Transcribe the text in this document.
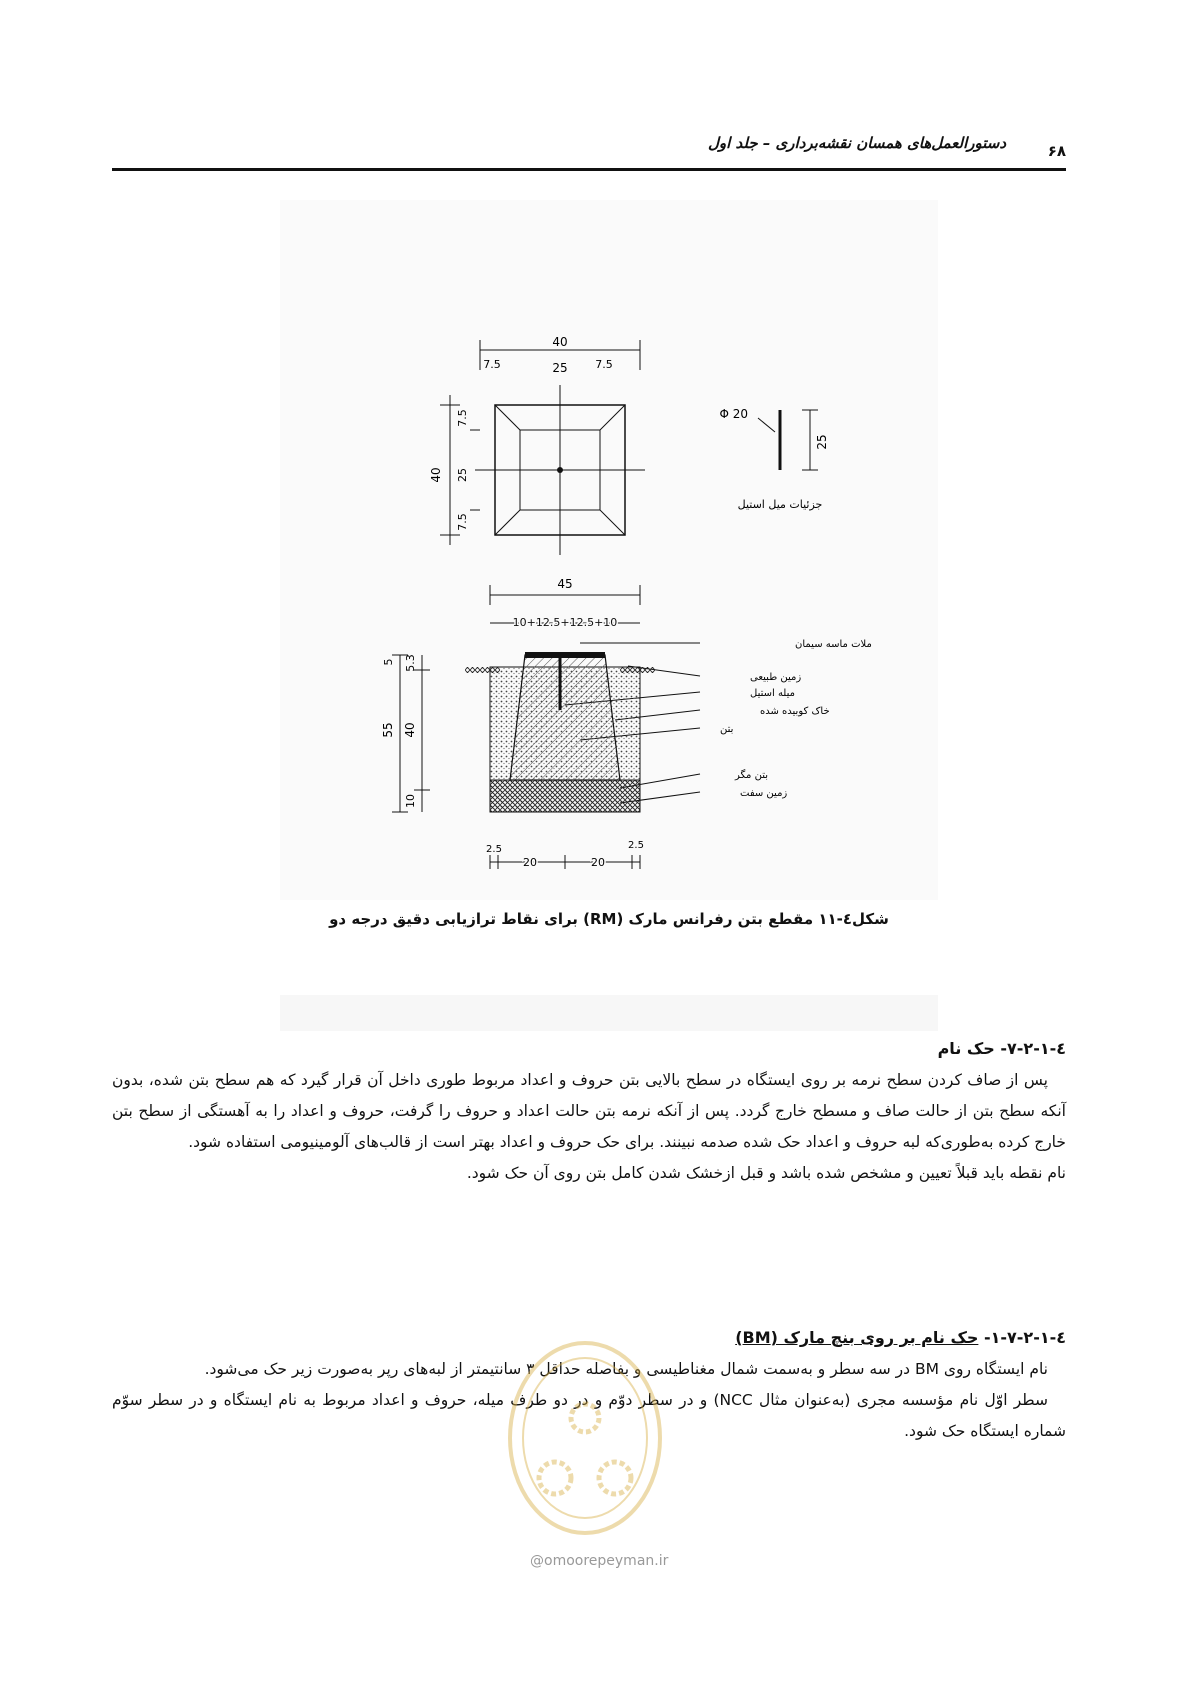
دستورالعمل‌های همسان نقشه‌برداری – جلد اول	۶۸
40
7.5	25	7.5
40 25
7.5
7.5
Φ 20
25
جزئیات میل استیل
45
10+12.5+12.5+10
5 5.3
55 40
10
2.5	2.5
20	20
ملات ماسه سیمان
زمین طبیعی
میله استیل
خاک کوبیده شده
بتن
بتن مگر
زمین سفت
شکل٤-١١ مقطع بتن رفرانس مارک (RM) برای نقاط ترازیابی دقیق درجه دو
٤-١-٢-٧- حک نام

پس از صاف کردن سطح نرمه بر روی ایستگاه در سطح بالایی بتن حروف و اعداد مربوط طوری داخل آن قرار گیرد که هم سطح بتن شده، بدون آنکه سطح بتن از حالت صاف و مسطح خارج گردد. پس از آنکه نرمه بتن حالت اعداد و حروف را گرفت، حروف و اعداد را به آهستگی از سطح بتن خارج کرده به‌طوری‌که لبه حروف و اعداد حک شده صدمه نبینند. برای حک حروف و اعداد بهتر است از قالب‌های آلومینیومی استفاده شود.

نام نقطه باید قبلاً تعیین و مشخص شده باشد و قبل ازخشک شدن کامل بتن روی آن حک شود.

٤-١-٢-٧-١- حک نام بر روی بنچ مارک (BM)

نام ایستگاه روی BM در سه سطر و به‌سمت شمال مغناطیسی و بفاصله حداقل ٣ سانتیمتر از لبه‌های رپر به‌صورت زیر حک می‌شود.

سطر اوّل نام مؤسسه مجری (به‌عنوان مثال NCC) و در سطر دوّم و در دو طرف میله، حروف و اعداد مربوط به نام ایستگاه و در سطر سوّم شماره ایستگاه حک شود.

@omoorepeyman.ir
